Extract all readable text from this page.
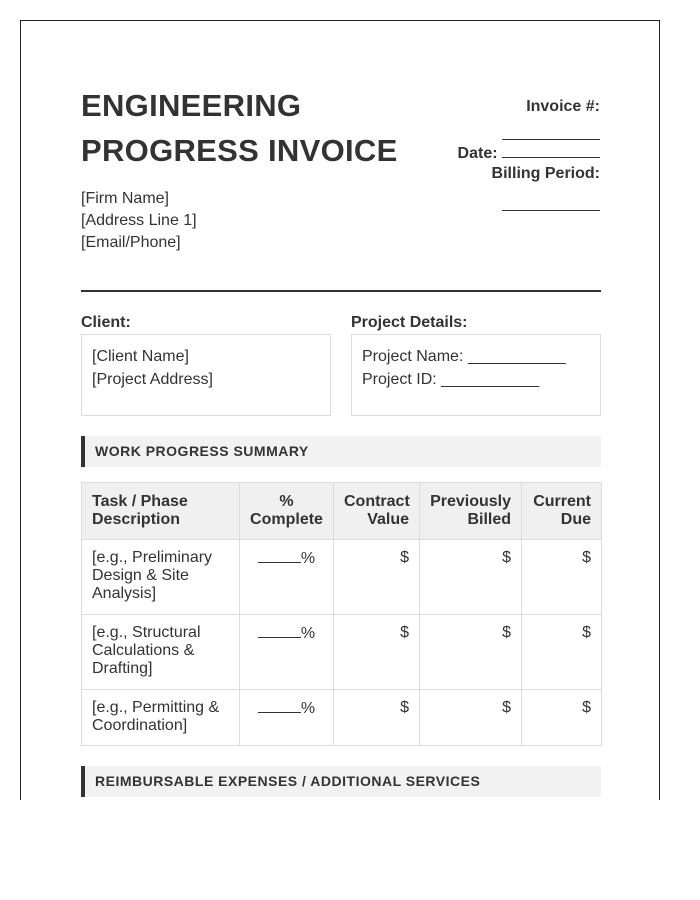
ENGINEERING
PROGRESS INVOICE
[Firm Name]
[Address Line 1]
[Email/Phone]
Invoice #:
Date:
Billing Period:
Client:
[Client Name]
[Project Address]
Project Details:
Project Name: ___________
Project ID: ___________
WORK PROGRESS SUMMARY
Task / Phase Description	% Complete	Contract Value	Previously Billed	Current Due
[e.g., Preliminary Design & Site Analysis]	%	$	$	$
[e.g., Structural Calculations & Drafting]	%	$	$	$
[e.g., Permitting & Coordination]	%	$	$	$
REIMBURSABLE EXPENSES / ADDITIONAL SERVICES
